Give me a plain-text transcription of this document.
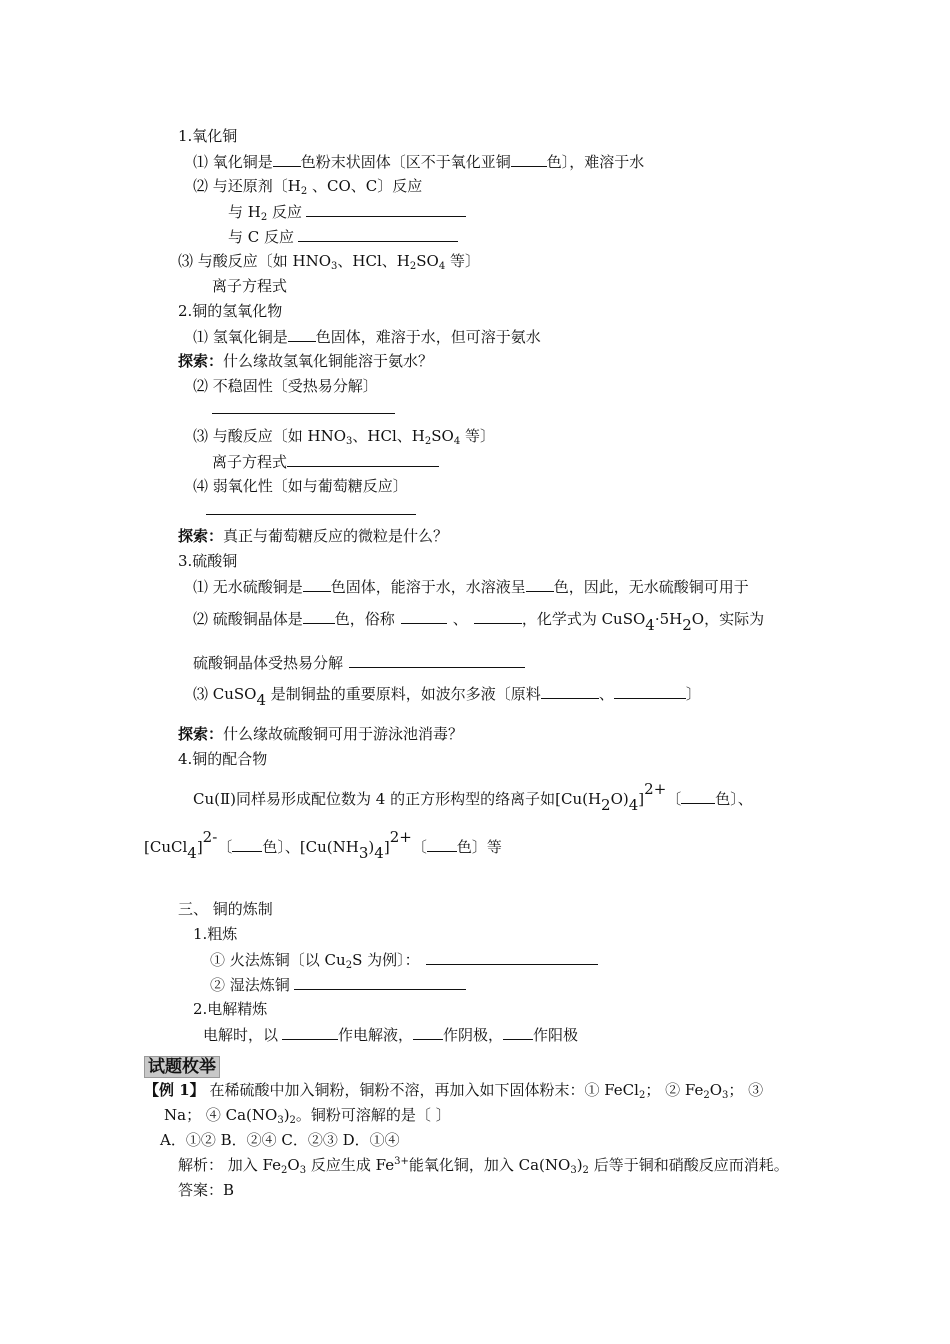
1.氧化铜
⑴ 氧化铜是 色粉末状固体〔区不于氧化亚铜 色〕，难溶于水
⑵ 与还原剂〔$H_2$ 、CO、C〕反应
与 $H_2$ 反应
与 C 反应
⑶ 与酸反应〔如 $HNO_3$、HCl、$H_2SO_4$ 等〕
离子方程式
2.铜的氢氧化物
⑴ 氢氧化铜是 色固体，难溶于水，但可溶于氨水
探索：什么缘故氢氧化铜能溶于氨水？
⑵ 不稳固性〔受热易分解〕
⑶ 与酸反应〔如 $HNO_3$、HCl、$H_2SO_4$ 等〕
离子方程式
⑷ 弱氧化性〔如与葡萄糖反应〕
探索：真正与葡萄糖反应的微粒是什么？
3.硫酸铜
⑴ 无水硫酸铜是 色固体，能溶于水，水溶液呈 色，因此，无水硫酸铜可用于
⑵ 硫酸铜晶体是 色，俗称	、	，化学式为 CuSO4·5H2O，实际为
硫酸铜晶体受热易分解
⑶ CuSO4 是制铜盐的重要原料，如波尔多液〔原料	、	〕
探索：什么缘故硫酸铜可用于游泳池消毒？
4.铜的配合物
Cu(Ⅱ)同样易形成配位数为 4 的正方形构型的络离子如[Cu(H2O)4]2+〔 色〕、
[CuCl4]2-〔 色〕、[Cu(NH3)4]2+〔 色〕等
三、 铜的炼制
1.粗炼
① 火法炼铜〔以 $Cu_2S$ 为例〕：
② 湿法炼铜
2.电解精炼
电解时，以	作电解液， 作阴极， 作阳极
试题枚举
【例 1】 在稀硫酸中加入铜粉，铜粉不溶，再加入如下固体粉末：① FeCl$_2$； ② $Fe_2O_3$； ③
Na； ④ $Ca(NO_3)_2$。铜粉可溶解的是〔 〕
A．①② B．②④ C．②③ D．①④
解析： 加入 $Fe_2O_3$ 反应生成 $Fe^{3+}$能氧化铜，加入 $Ca(NO_3)_2$ 后等于铜和硝酸反应而消耗。
答案：B
